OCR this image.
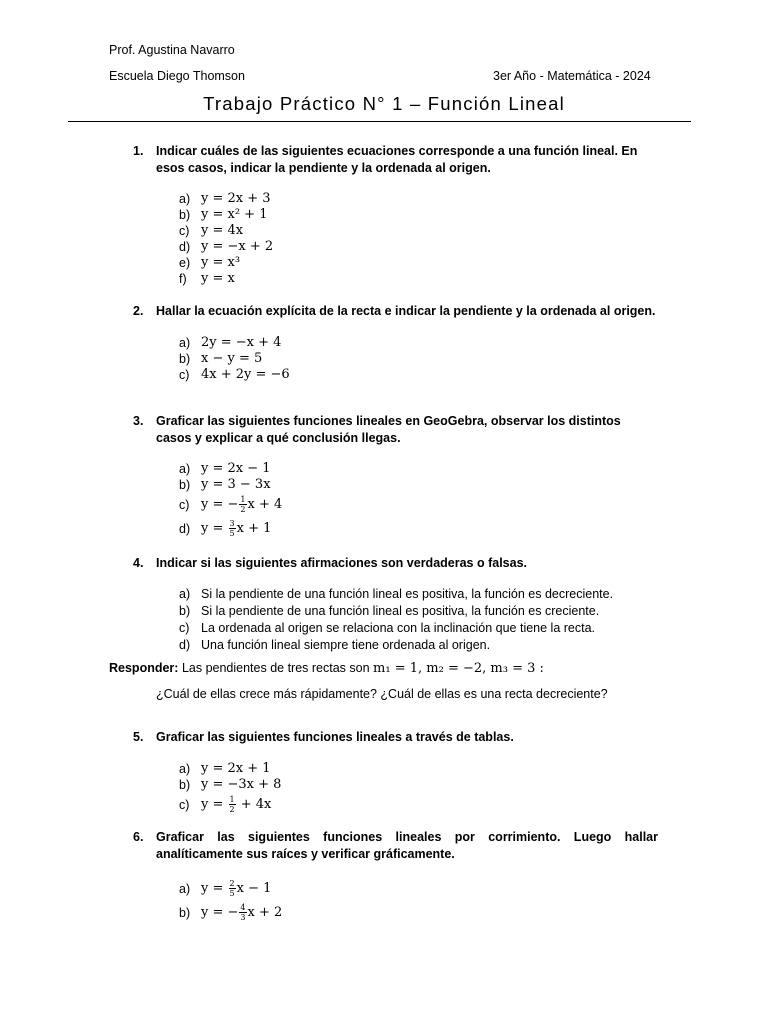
Prof. Agustina Navarro
Escuela Diego Thomson	3er Año - Matemática - 2024
Trabajo Práctico N° 1 – Función Lineal
1. Indicar cuáles de las siguientes ecuaciones corresponde a una función lineal. En esos casos, indicar la pendiente y la ordenada al origen.
a) y = 2x + 3
b) y = x² + 1
c) y = 4x
d) y = −x + 2
e) y = x³
f)	y = x
2. Hallar la ecuación explícita de la recta e indicar la pendiente y la ordenada al origen.
a) 2y = −x + 4
b) x − y = 5
c) 4x + 2y = −6
3. Graficar las siguientes funciones lineales en GeoGebra, observar los distintos casos y explicar a qué conclusión llegas.
a) y = 2x − 1
b) y = 3 − 3x
c) y = − $\frac{1}{2}$ x + 4
d) $y = \frac{3}{5}$ x + 1
4. Indicar si las siguientes afirmaciones son verdaderas o falsas.
a) Si la pendiente de una función lineal es positiva, la función es decreciente.
b) Si la pendiente de una función lineal es positiva, la función es creciente.
c) La ordenada al origen se relaciona con la inclinación que tiene la recta.
d) Una función lineal siempre tiene ordenada al origen.
Responder: Las pendientes de tres rectas son m₁ = 1, m₂ = −2, m₃ = 3 :
¿Cuál de ellas crece más rápidamente? ¿Cuál de ellas es una recta decreciente?
5. Graficar las siguientes funciones lineales a través de tablas.
a) y = 2x + 1
b) y = −3x + 8
c) $y = \frac{1}{2} + 4x$
6. Graficar las siguientes funciones lineales por corrimiento. Luego hallar analíticamente sus raíces y verificar gráficamente.
a) $y = \frac{2}{5}$ x − 1
b) y = − $\frac{4}{3}$ x + 2
